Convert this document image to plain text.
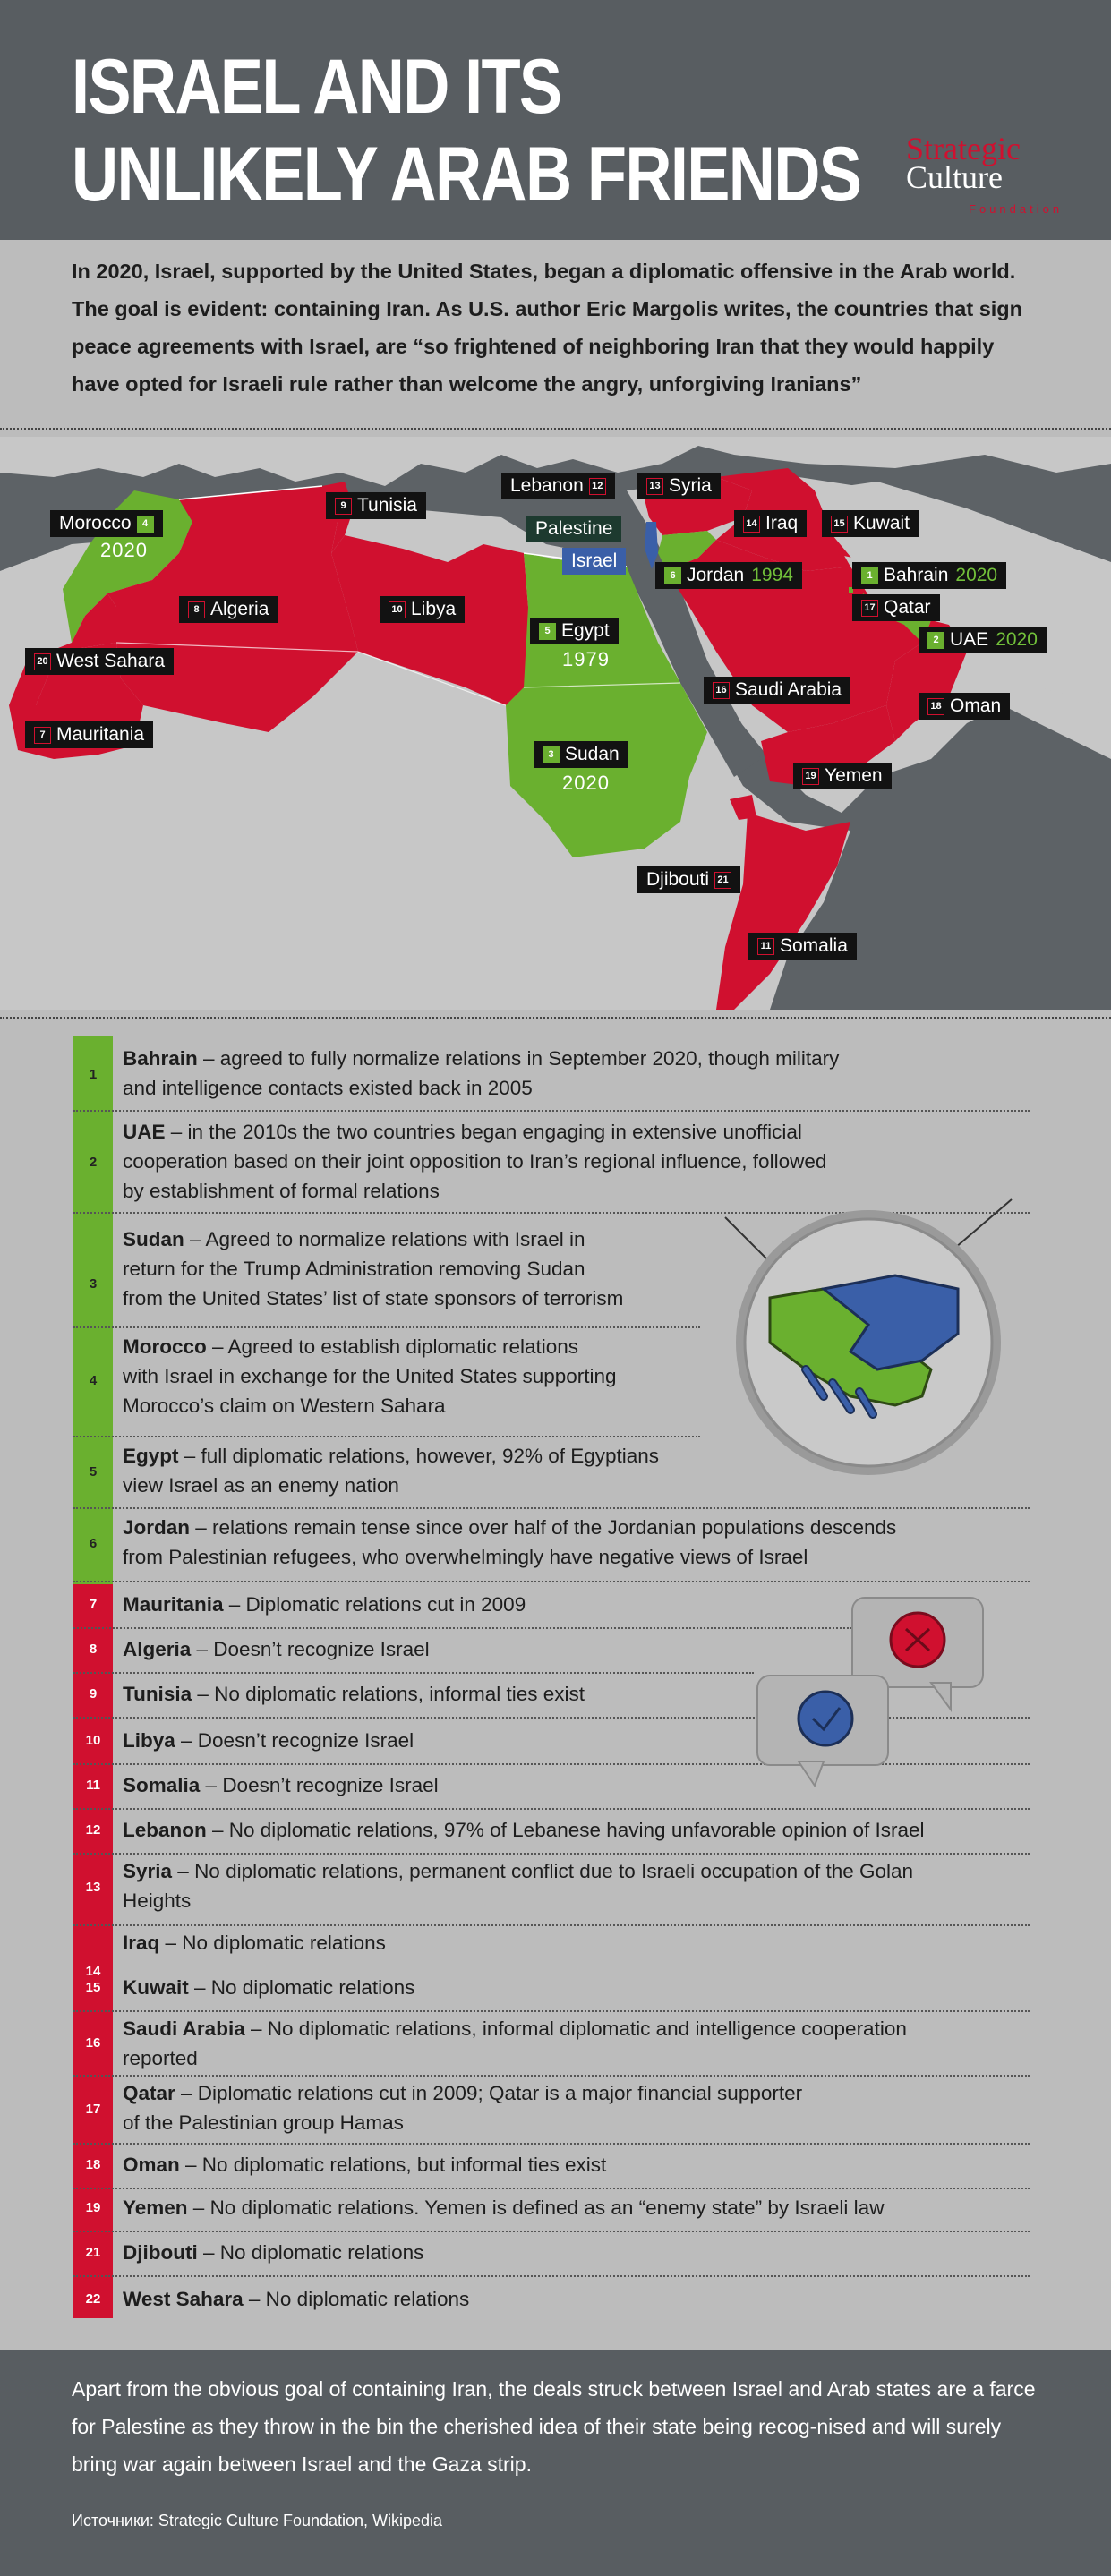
ISRAEL AND ITS
UNLIKELY ARAB FRIENDS Strategic
Culture
Foundation

In 2020, Israel, supported by the United States, began a diplomatic offensive in the Arab world. The goal is evident: containing Iran. As U.S. author Eric Margolis writes, the countries that sign peace agreements with Israel, are “so frightened of neighboring Iran that they would happily have opted for Israeli rule rather than welcome the angry, unforgiving Iranians”

Morocco 4
2020
9 Tunisia
8 Algeria	10 Libya
20 West Sahara
7 Mauritania
Lebanon 12	13 Syria
Palestine
Israel
14 Iraq	15 Kuwait
6 Jordan 1994	1 Bahrain 2020
17 Qatar
2 UAE 2020
5 Egypt
1979
16 Saudi Arabia
18 Oman
3 Sudan
2020	19 Yemen
Djibouti 21
11 Somalia
1
Bahrain – agreed to fully normalize relations in September 2020, though military
and intelligence contacts existed back in 2005
2
UAE – in the 2010s the two countries began engaging in extensive unofficial
cooperation based on their joint opposition to Iran’s regional influence, followed
by establishment of formal relations
3
Sudan – Agreed to normalize relations with Israel in
return for the Trump Administration removing Sudan
from the United States’ list of state sponsors of terrorism
4
Morocco – Agreed to establish diplomatic relations
with Israel in exchange for the United States supporting
Morocco’s claim on Western Sahara
5
Egypt – full diplomatic relations, however, 92% of Egyptians
view Israel as an enemy nation
6
Jordan – relations remain tense since over half of the Jordanian populations descends
from Palestinian refugees, who overwhelmingly have negative views of Israel
7	Mauritania – Diplomatic relations cut in 2009
8	Algeria – Doesn’t recognize Israel
9	Tunisia – No diplomatic relations, informal ties exist
10	Libya – Doesn’t recognize Israel
11	Somalia – Doesn’t recognize Israel
12	Lebanon – No diplomatic relations, 97% of Lebanese having unfavorable opinion of Israel
13
Syria – No diplomatic relations, permanent conflict due to Israeli occupation of the Golan
Heights
14
Iraq – No diplomatic relations
15	Kuwait – No diplomatic relations
16
Saudi Arabia – No diplomatic relations, informal diplomatic and intelligence cooperation
reported
17
Qatar – Diplomatic relations cut in 2009; Qatar is a major financial supporter
of the Palestinian group Hamas
18	Oman – No diplomatic relations, but informal ties exist
19	Yemen – No diplomatic relations. Yemen is defined as an “enemy state” by Israeli law
21	Djibouti – No diplomatic relations
22	West Sahara – No diplomatic relations

Apart from the obvious goal of containing Iran, the deals struck between Israel and Arab states are a farce for Palestine as they throw in the bin the cherished idea of their state being recog-nised and will surely bring war again between Israel and the Gaza strip.

Источники: Strategic Culture Foundation, Wikipedia
